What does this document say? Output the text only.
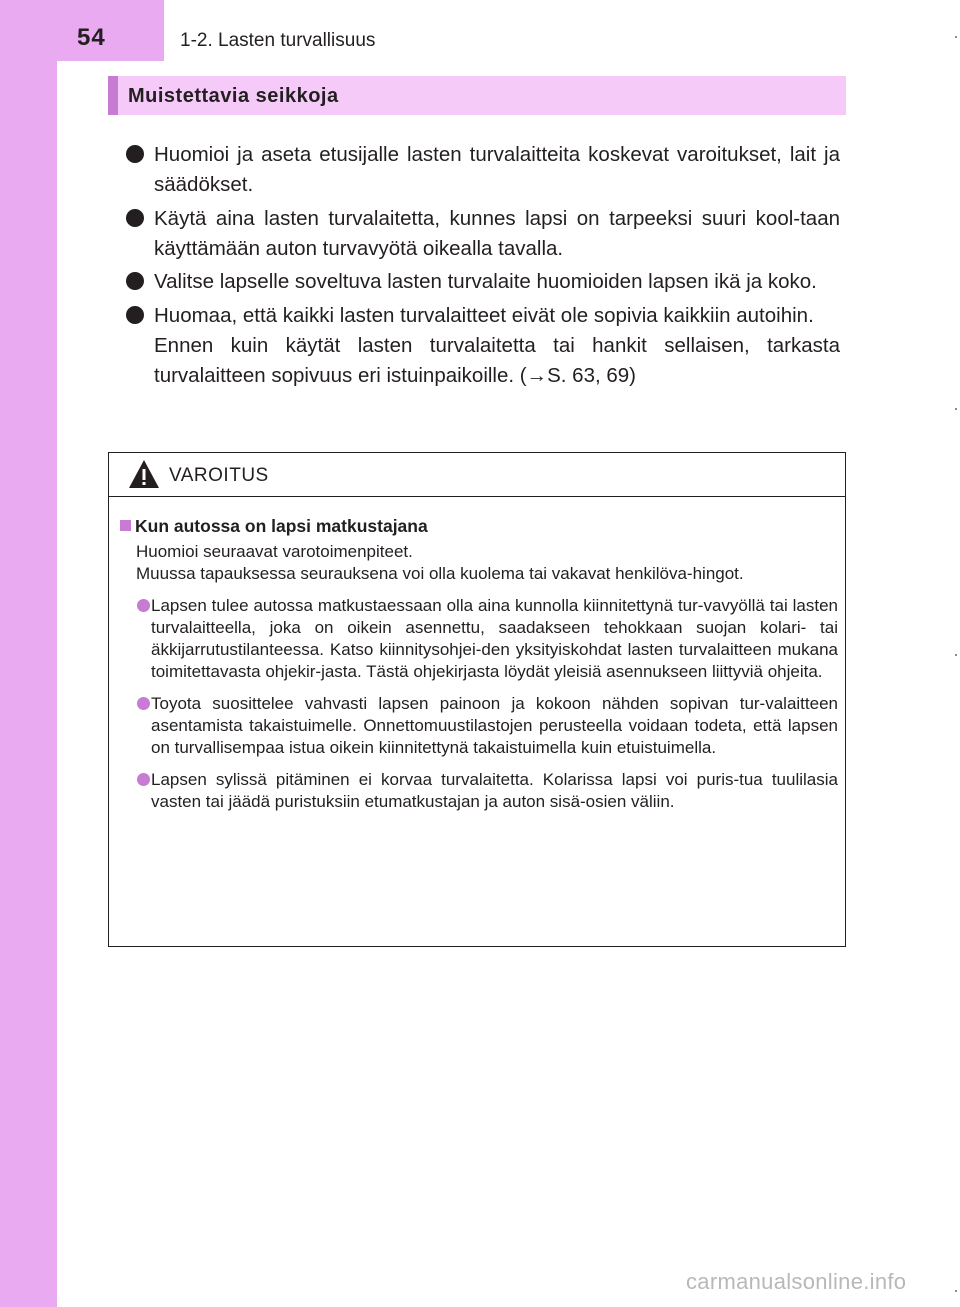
54	1-2. Lasten turvallisuus
Muistettavia seikkoja

Huomioi ja aseta etusijalle lasten turvalaitteita koskevat varoitukset, lait ja säädökset.

Käytä aina lasten turvalaitetta, kunnes lapsi on tarpeeksi suuri kool-taan käyttämään auton turvavyötä oikealla tavalla.

Valitse lapselle soveltuva lasten turvalaite huomioiden lapsen ikä ja koko.

Huomaa, että kaikki lasten turvalaitteet eivät ole sopivia kaikkiin autoihin.

Ennen kuin käytät lasten turvalaitetta tai hankit sellaisen, tarkasta turvalaitteen sopivuus eri istuinpaikoille. (→S. 63, 69)

VAROITUS
Kun autossa on lapsi matkustajana

Huomioi seuraavat varotoimenpiteet.

Muussa tapauksessa seurauksena voi olla kuolema tai vakavat henkilöva-hingot.

Lapsen tulee autossa matkustaessaan olla aina kunnolla kiinnitettynä tur-vavyöllä tai lasten turvalaitteella, joka on oikein asennettu, saadakseen tehokkaan suojan kolari- tai äkkijarrutustilanteessa. Katso kiinnitysohjei-den yksityiskohdat lasten turvalaitteen mukana toimitettavasta ohjekir-jasta. Tästä ohjekirjasta löydät yleisiä asennukseen liittyviä ohjeita.

Toyota suosittelee vahvasti lapsen painoon ja kokoon nähden sopivan tur-valaitteen asentamista takaistuimelle. Onnettomuustilastojen perusteella voidaan todeta, että lapsen on turvallisempaa istua oikein kiinnitettynä takaistuimella kuin etuistuimella.

Lapsen sylissä pitäminen ei korvaa turvalaitetta. Kolarissa lapsi voi puris-tua tuulilasia vasten tai jäädä puristuksiin etumatkustajan ja auton sisä-osien väliin.

carmanualsonline.info
